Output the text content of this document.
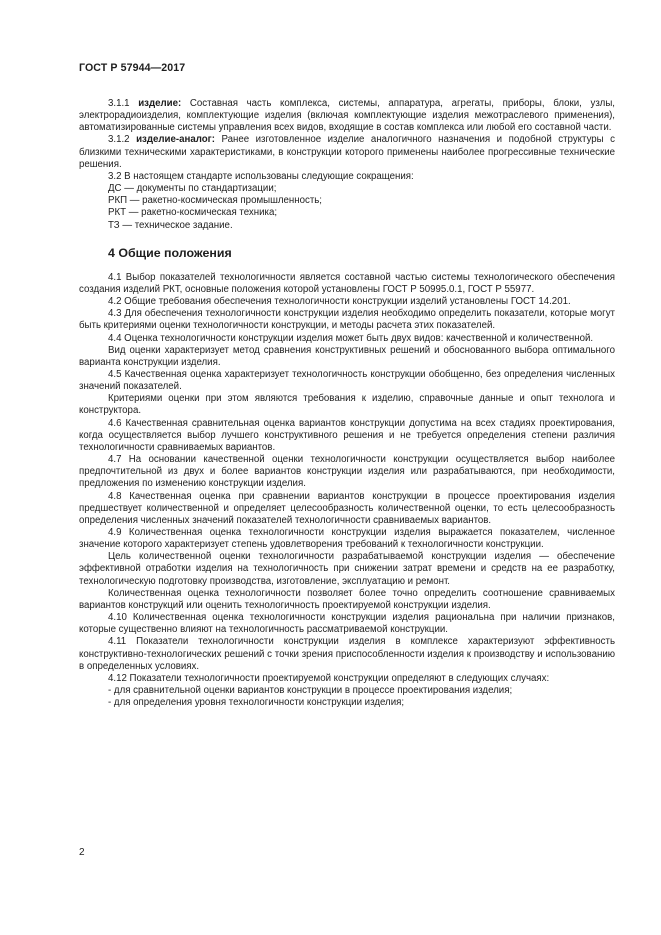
ГОСТ Р 57944—2017

3.1.1 изделие: Составная часть комплекса, системы, аппаратура, агрегаты, приборы, блоки, узлы, электрорадиоизделия, комплектующие изделия (включая комплектующие изделия межотраслевого применения), автоматизированные системы управления всех видов, входящие в состав комплекса или любой его составной части.

3.1.2 изделие-аналог: Ранее изготовленное изделие аналогичного назначения и подобной структуры с близкими техническими характеристиками, в конструкции которого применены наиболее прогрессивные технические решения.

3.2 В настоящем стандарте использованы следующие сокращения:

ДС — документы по стандартизации;

РКП — ракетно-космическая промышленность;

РКТ — ракетно-космическая техника;

ТЗ — техническое задание.

4 Общие положения

4.1 Выбор показателей технологичности является составной частью системы технологического обеспечения создания изделий РКТ, основные положения которой установлены ГОСТ Р 50995.0.1, ГОСТ Р 55977.

4.2 Общие требования обеспечения технологичности конструкции изделий установлены ГОСТ 14.201.

4.3 Для обеспечения технологичности конструкции изделия необходимо определить показатели, которые могут быть критериями оценки технологичности конструкции, и методы расчета этих показателей.

4.4 Оценка технологичности конструкции изделия может быть двух видов: качественной и количественной.

Вид оценки характеризует метод сравнения конструктивных решений и обоснованного выбора оптимального варианта конструкции изделия.

4.5 Качественная оценка характеризует технологичность конструкции обобщенно, без определения численных значений показателей.

Критериями оценки при этом являются требования к изделию, справочные данные и опыт технолога и конструктора.

4.6 Качественная сравнительная оценка вариантов конструкции допустима на всех стадиях проектирования, когда осуществляется выбор лучшего конструктивного решения и не требуется определения степени различия технологичности сравниваемых вариантов.

4.7 На основании качественной оценки технологичности конструкции осуществляется выбор наиболее предпочтительной из двух и более вариантов конструкции изделия или разрабатываются, при необходимости, предложения по изменению конструкции изделия.

4.8 Качественная оценка при сравнении вариантов конструкции в процессе проектирования изделия предшествует количественной и определяет целесообразность количественной оценки, то есть целесообразность определения численных значений показателей технологичности сравниваемых вариантов.

4.9 Количественная оценка технологичности конструкции изделия выражается показателем, численное значение которого характеризует степень удовлетворения требований к технологичности конструкции.

Цель количественной оценки технологичности разрабатываемой конструкции изделия — обеспечение эффективной отработки изделия на технологичность при снижении затрат времени и средств на ее разработку, технологическую подготовку производства, изготовление, эксплуатацию и ремонт.

Количественная оценка технологичности позволяет более точно определить соотношение сравниваемых вариантов конструкций или оценить технологичность проектируемой конструкции изделия.

4.10 Количественная оценка технологичности конструкции изделия рациональна при наличии признаков, которые существенно влияют на технологичность рассматриваемой конструкции.

4.11 Показатели технологичности конструкции изделия в комплексе характеризуют эффективность конструктивно-технологических решений с точки зрения приспособленности изделия к производству и использованию в определенных условиях.

4.12 Показатели технологичности проектируемой конструкции определяют в следующих случаях:

- для сравнительной оценки вариантов конструкции в процессе проектирования изделия;

- для определения уровня технологичности конструкции изделия;

2
